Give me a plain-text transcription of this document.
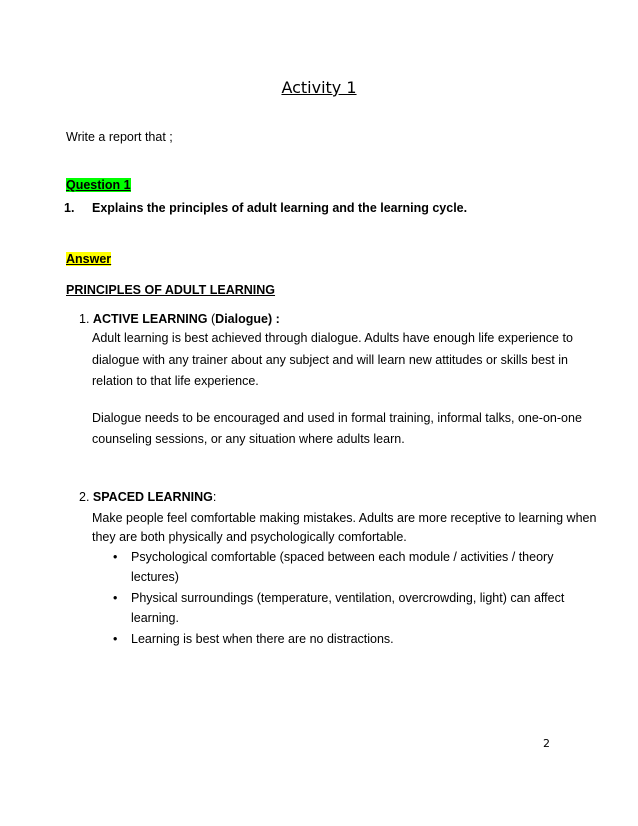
Activity 1
Write a report that ;
Question 1
1. Explains the principles of adult learning and the learning cycle.
Answer
PRINCIPLES OF ADULT LEARNING
1. ACTIVE LEARNING (Dialogue) :
Adult learning is best achieved through dialogue. Adults have enough life experience to
dialogue with any trainer about any subject and will learn new attitudes or skills best in
relation to that life experience.
Dialogue needs to be encouraged and used in formal training, informal talks, one-on-one
counseling sessions, or any situation where adults learn.
2. SPACED LEARNING:
Make people feel comfortable making mistakes. Adults are more receptive to learning when
they are both physically and psychologically comfortable.
• Psychological comfortable (spaced between each module / activities / theory
lectures)
• Physical surroundings (temperature, ventilation, overcrowding, light) can affect
learning.
• Learning is best when there are no distractions.
2
